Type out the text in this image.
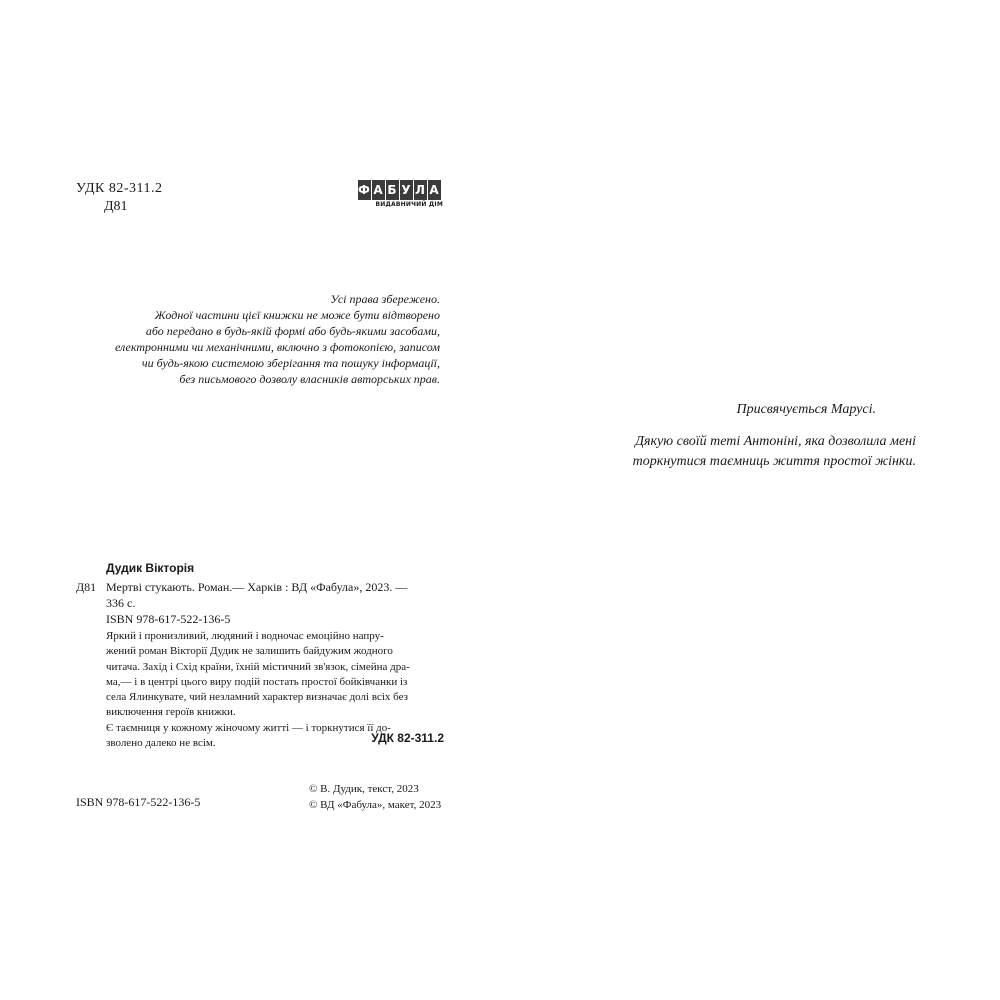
УДК 82-311.2
Д81
Ф А Б У Л А
ВИДАВНИЧИЙ ДІМ
Усі права збережено.
Жодної частини цієї книжки не може бути відтворено
або передано в будь-якій формі або будь-якими засобами,
електронними чи механічними, включно з фотокопією, записом
чи будь-якою системою зберігання та пошуку інформації,
без письмового дозволу власників авторських прав.
Дудик Вікторія
Д81 Мертві стукають. Роман.— Харків : ВД «Фабула», 2023. —
336 с.
ISBN 978-617-522-136-5
Яркий і пронизливий, людяний і водночас емоційно напру-
жений роман Вікторії Дудик не залишить байдужим жодного
читача. Захід і Схід країни, їхній містичний зв'язок, сімейна дра-
ма,— і в центрі цього виру подій постать простої бойківчанки із
села Ялинкувате, чий незламний характер визначає долі всіх без
виключення героїв книжки.
Є таємниця у кожному жіночому житті — і торкнутися її до-
зволено далеко не всім.	УДК 82-311.2
ISBN 978-617-522-136-5
© В. Дудик, текст, 2023
© ВД «Фабула», макет, 2023
Присвячується Марусі.
Дякую своїй теті Антоніні, яка дозволила мені
торкнутися таємниць життя простої жінки.
